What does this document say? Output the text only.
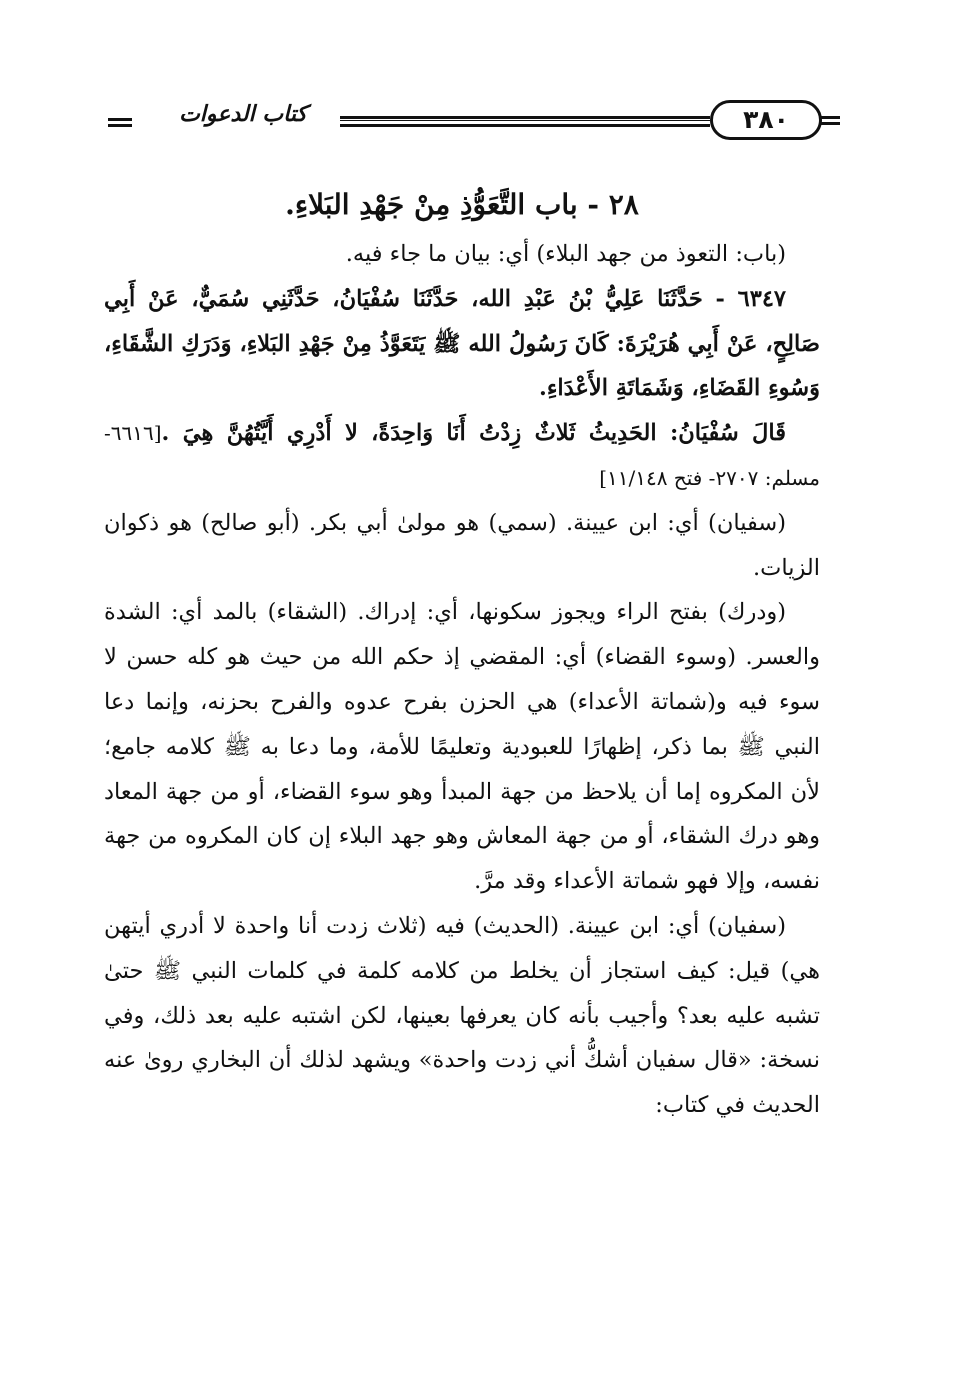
كتاب الدعوات	٣٨٠
٢٨ - باب التَّعَوُّذِ مِنْ جَهْدِ البَلاءِ.

(باب: التعوذ من جهد البلاء) أي: بيان ما جاء فيه.

٦٣٤٧ - حَدَّثَنَا عَلِيُّ بْنُ عَبْدِ الله، حَدَّثَنَا سُفْيَانُ، حَدَّثَنِي سُمَيٌّ، عَنْ أَبِي صَالِحٍ، عَنْ أَبِي هُرَيْرَةَ: كَانَ رَسُولُ الله ﷺ يَتَعَوَّذُ مِنْ جَهْدِ البَلاءِ، وَدَرَكِ الشَّقَاءِ، وَسُوءِ القَضَاءِ، وَشَمَاتَةِ الأَعْدَاءِ.

قَالَ سُفْيَانُ: الحَدِيثُ ثَلاثٌ زِدْتُ أَنَا وَاحِدَةً، لا أَدْرِي أَيَّتُهُنَّ هِيَ .[٦٦١٦- مسلم: ٢٧٠٧- فتح ١١/١٤٨]

(سفيان) أي: ابن عيينة. (سمي) هو مولىٰ أبي بكر. (أبو صالح) هو ذكوان الزيات.

(ودرك) بفتح الراء ويجوز سكونها، أي: إدراك. (الشقاء) بالمد أي: الشدة والعسر. (وسوء القضاء) أي: المقضي إذ حكم الله من حيث هو كله حسن لا سوء فيه و(شماتة الأعداء) هي الحزن بفرح عدوه والفرح بحزنه، وإنما دعا النبي ﷺ بما ذكر، إظهارًا للعبودية وتعليمًا للأمة، وما دعا به ﷺ كلامه جامع؛ لأن المكروه إما أن يلاحظ من جهة المبدأ وهو سوء القضاء، أو من جهة المعاد وهو درك الشقاء، أو من جهة المعاش وهو جهد البلاء إن كان المكروه من جهة نفسه، وإلا فهو شماتة الأعداء وقد مرَّ.

(سفيان) أي: ابن عيينة. (الحديث) فيه (ثلاث زدت أنا واحدة لا أدري أيتهن هي) قيل: كيف استجاز أن يخلط من كلامه كلمة في كلمات النبي ﷺ حتىٰ تشبه عليه بعد؟ وأجيب بأنه كان يعرفها بعينها، لكن اشتبه عليه بعد ذلك، وفي نسخة: «قال سفيان أشكُّ أني زدت واحدة» ويشهد لذلك أن البخاري روىٰ عنه الحديث في كتاب:
